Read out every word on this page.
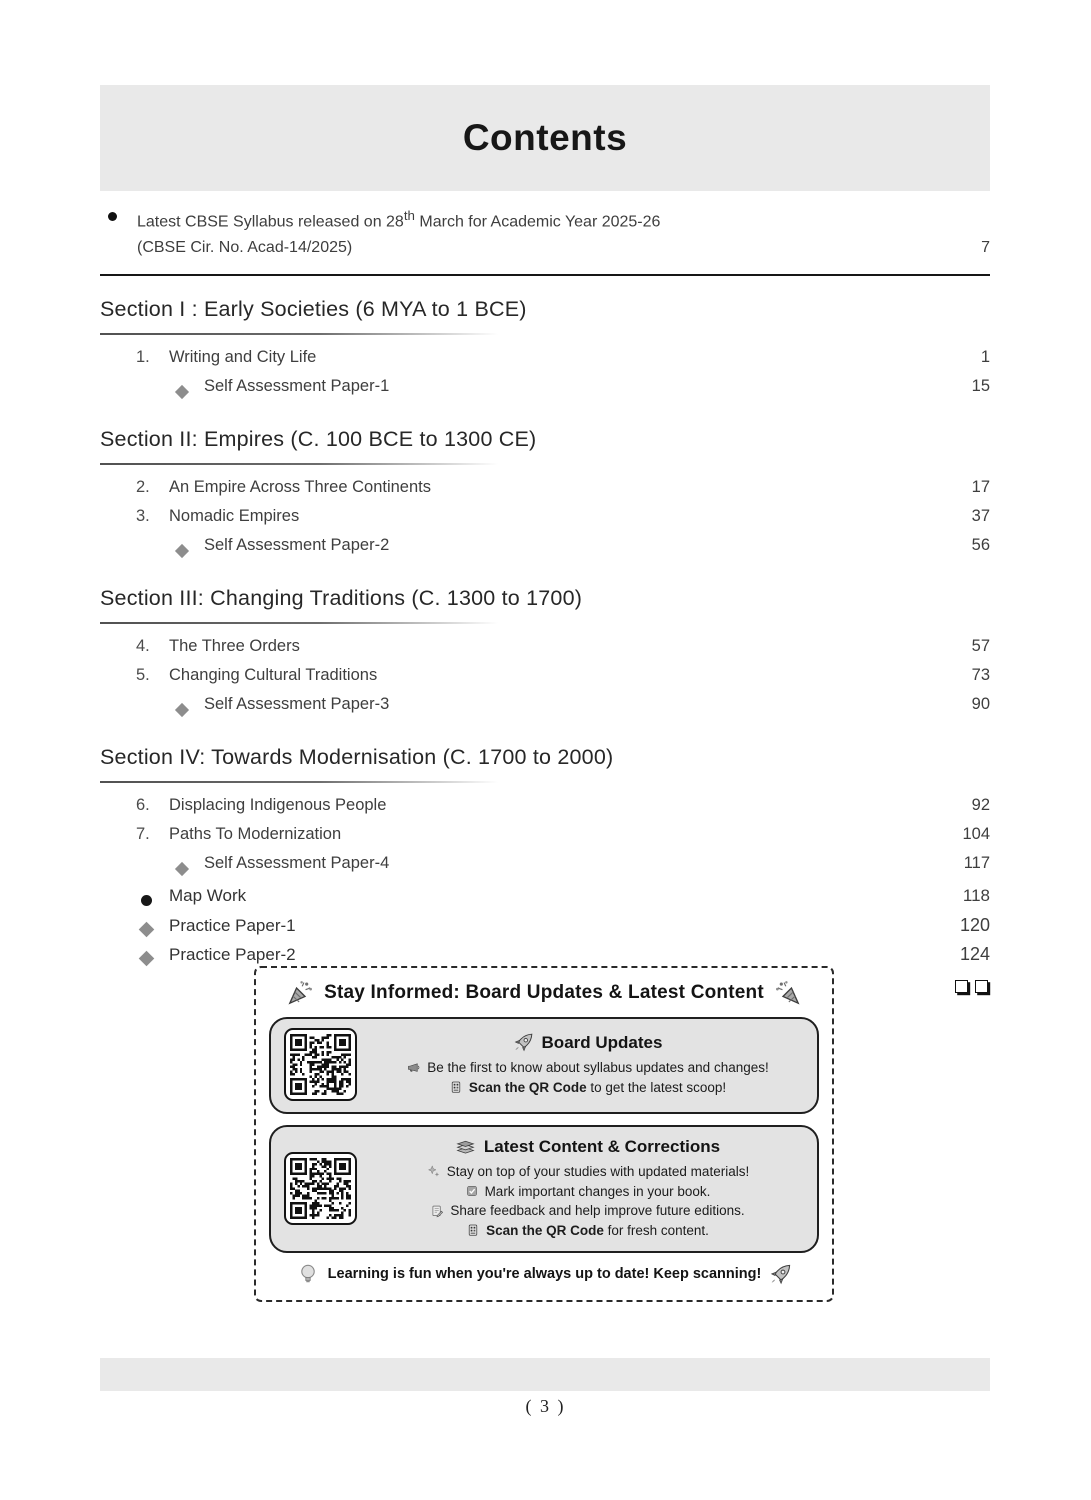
Contents
Latest CBSE Syllabus released on 28th March for Academic Year 2025-26
(CBSE Cir. No. Acad-14/2025)	7
Section I : Early Societies (6 MYA to 1 BCE)
1.	Writing and City Life	1
Self Assessment Paper-1	15
Section II: Empires (C. 100 BCE to 1300 CE)
2.	An Empire Across Three Continents	17
3.	Nomadic Empires	37
Self Assessment Paper-2	56
Section III: Changing Traditions (C. 1300 to 1700)
4.	The Three Orders	57
5.	Changing Cultural Traditions	73
Self Assessment Paper-3	90
Section IV: Towards Modernisation (C. 1700 to 2000)
6.	Displacing Indigenous People	92
7.	Paths To Modernization	104
Self Assessment Paper-4	117
Map Work	118
Practice Paper-1	120
Practice Paper-2	124
Stay Informed: Board Updates & Latest Content
Board Updates
Be the first to know about syllabus updates and changes!
Scan the QR Code to get the latest scoop!
Latest Content & Corrections
Stay on top of your studies with updated materials!
Mark important changes in your book.
Share feedback and help improve future editions.
Scan the QR Code for fresh content.
Learning is fun when you're always up to date! Keep scanning!
( 3 )
